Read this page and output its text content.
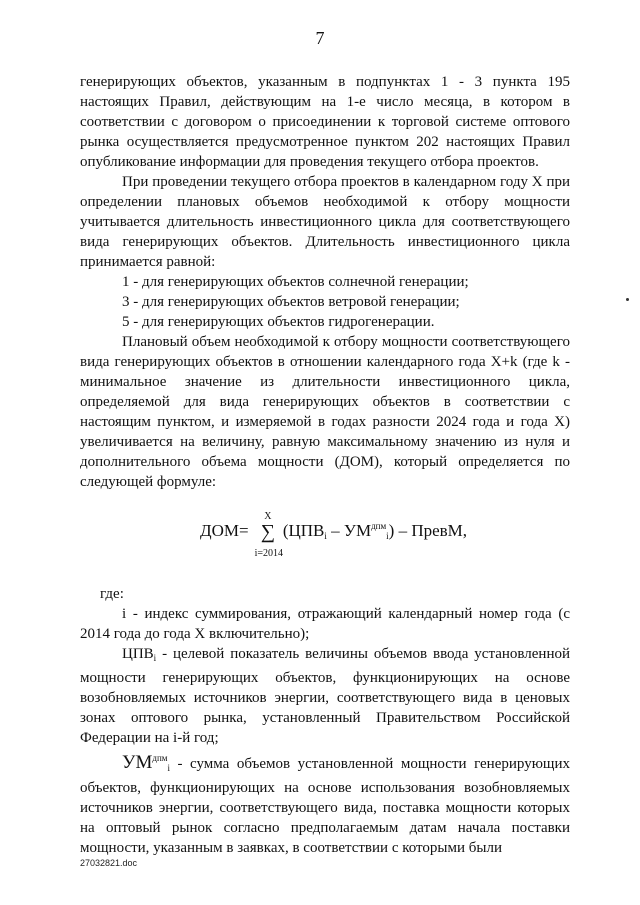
7

генерирующих объектов, указанным в подпунктах 1 - 3 пункта 195 настоящих Правил, действующим на 1-е число месяца, в котором в соответствии с договором о присоединении к торговой системе оптового рынка осуществляется предусмотренное пунктом 202 настоящих Правил опубликование информации для проведения текущего отбора проектов.

При проведении текущего отбора проектов в календарном году X при определении плановых объемов необходимой к отбору мощности учитывается длительность инвестиционного цикла для соответствующего вида генерирующих объектов. Длительность инвестиционного цикла принимается равной:

1 - для генерирующих объектов солнечной генерации;

3 - для генерирующих объектов ветровой генерации;

5 - для генерирующих объектов гидрогенерации.

Плановый объем необходимой к отбору мощности соответствующего вида генерирующих объектов в отношении календарного года X+k (где k - минимальное значение из длительности инвестиционного цикла, определяемой для вида генерирующих объектов в соответствии с настоящим пунктом, и измеряемой в годах разности 2024 года и года X) увеличивается на величину, равную максимальному значению из нуля и дополнительного объема мощности (ДОМ), который определяется по следующей формуле:

ДОМ=
X
∑
i=2014
$(ЦПВ_i - УМ^{дпм}_i)$ – ПревМ,

где:

i - индекс суммирования, отражающий календарный номер года (с 2014 года до года X включительно);

$ЦПВ_i$ - целевой показатель величины объемов ввода установленной мощности генерирующих объектов, функционирующих на основе возобновляемых источников энергии, соответствующего вида в ценовых зонах оптового рынка, установленный Правительством Российской Федерации на i-й год;

$УМ^{дпм}_i$ - сумма объемов установленной мощности генерирующих объектов, функционирующих на основе использования возобновляемых источников энергии, соответствующего вида, поставка мощности которых на оптовый рынок согласно предполагаемым датам начала поставки мощности, указанным в заявках, в соответствии с которыми были

27032821.doc
